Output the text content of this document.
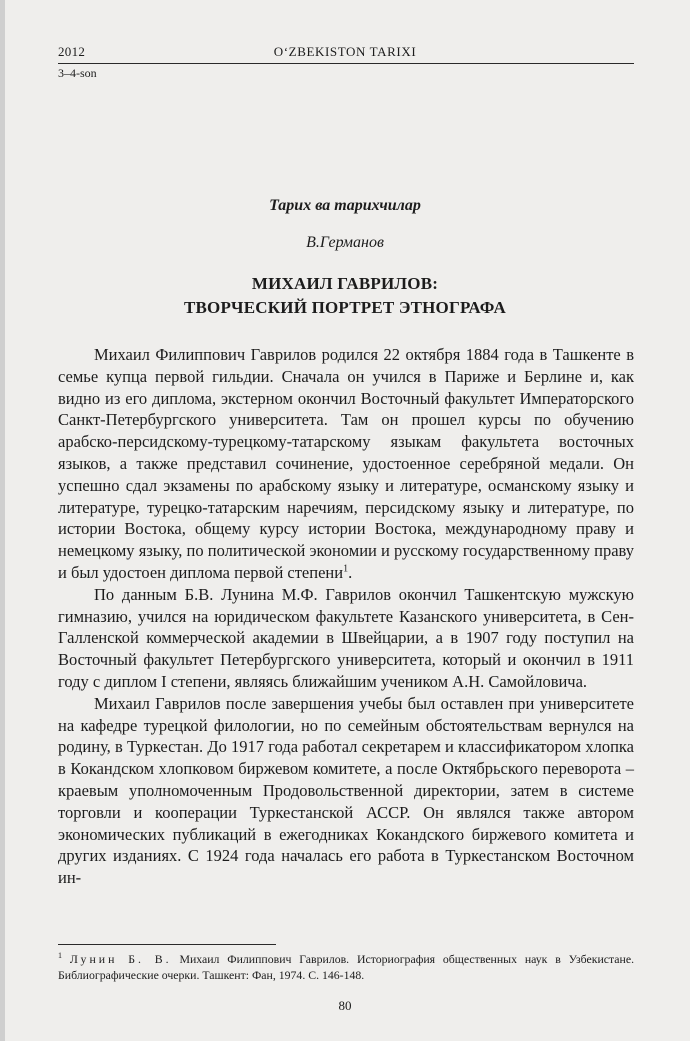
2012	O‘ZBEKISTON TARIXI
3–4-son
Тарих ва тарихчилар
В.Германов
МИХАИЛ ГАВРИЛОВ:
ТВОРЧЕСКИЙ ПОРТРЕТ ЭТНОГРАФА

Михаил Филиппович Гаврилов родился 22 октября 1884 года в Ташкенте в семье купца первой гильдии. Сначала он учился в Париже и Берлине и, как видно из его диплома, экстерном окончил Восточный факультет Императорского Санкт-Петербургского университета. Там он прошел курсы по обучению арабско-персидскому-турецкому-татарскому языкам факультета восточных языков, а также представил сочинение, удостоенное серебряной медали. Он успешно сдал экзамены по арабскому языку и литературе, османскому языку и литературе, турецко-татарским наречиям, персидскому языку и литературе, по истории Востока, общему курсу истории Востока, международному праву и немецкому языку, по политической экономии и русскому государственному праву и был удостоен диплома первой степени$^1$.

По данным Б.В. Лунина М.Ф. Гаврилов окончил Ташкентскую мужскую гимназию, учился на юридическом факультете Казанского университета, в Сен-Галленской коммерческой академии в Швейцарии, а в 1907 году поступил на Восточный факультет Петербургского университета, который и окончил в 1911 году с диплом I степени, являясь ближайшим учеником А.Н. Самойловича.

Михаил Гаврилов после завершения учебы был оставлен при университете на кафедре турецкой филологии, но по семейным обстоятельствам вернулся на родину, в Туркестан. До 1917 года работал секретарем и классификатором хлопка в Кокандском хлопковом биржевом комитете, а после Октябрьского переворота – краевым уполномоченным Продовольственной директории, затем в системе торговли и кооперации Туркестанской АССР. Он являлся также автором экономических публикаций в ежегодниках Кокандского биржевого комитета и других изданиях. С 1924 года началась его работа в Туркестанском Восточном ин-

$^1$ Лунин Б. В. Михаил Филиппович Гаврилов. Историография общественных наук в Узбекистане. Библиографические очерки. Ташкент: Фан, 1974. С. 146-148.
80
